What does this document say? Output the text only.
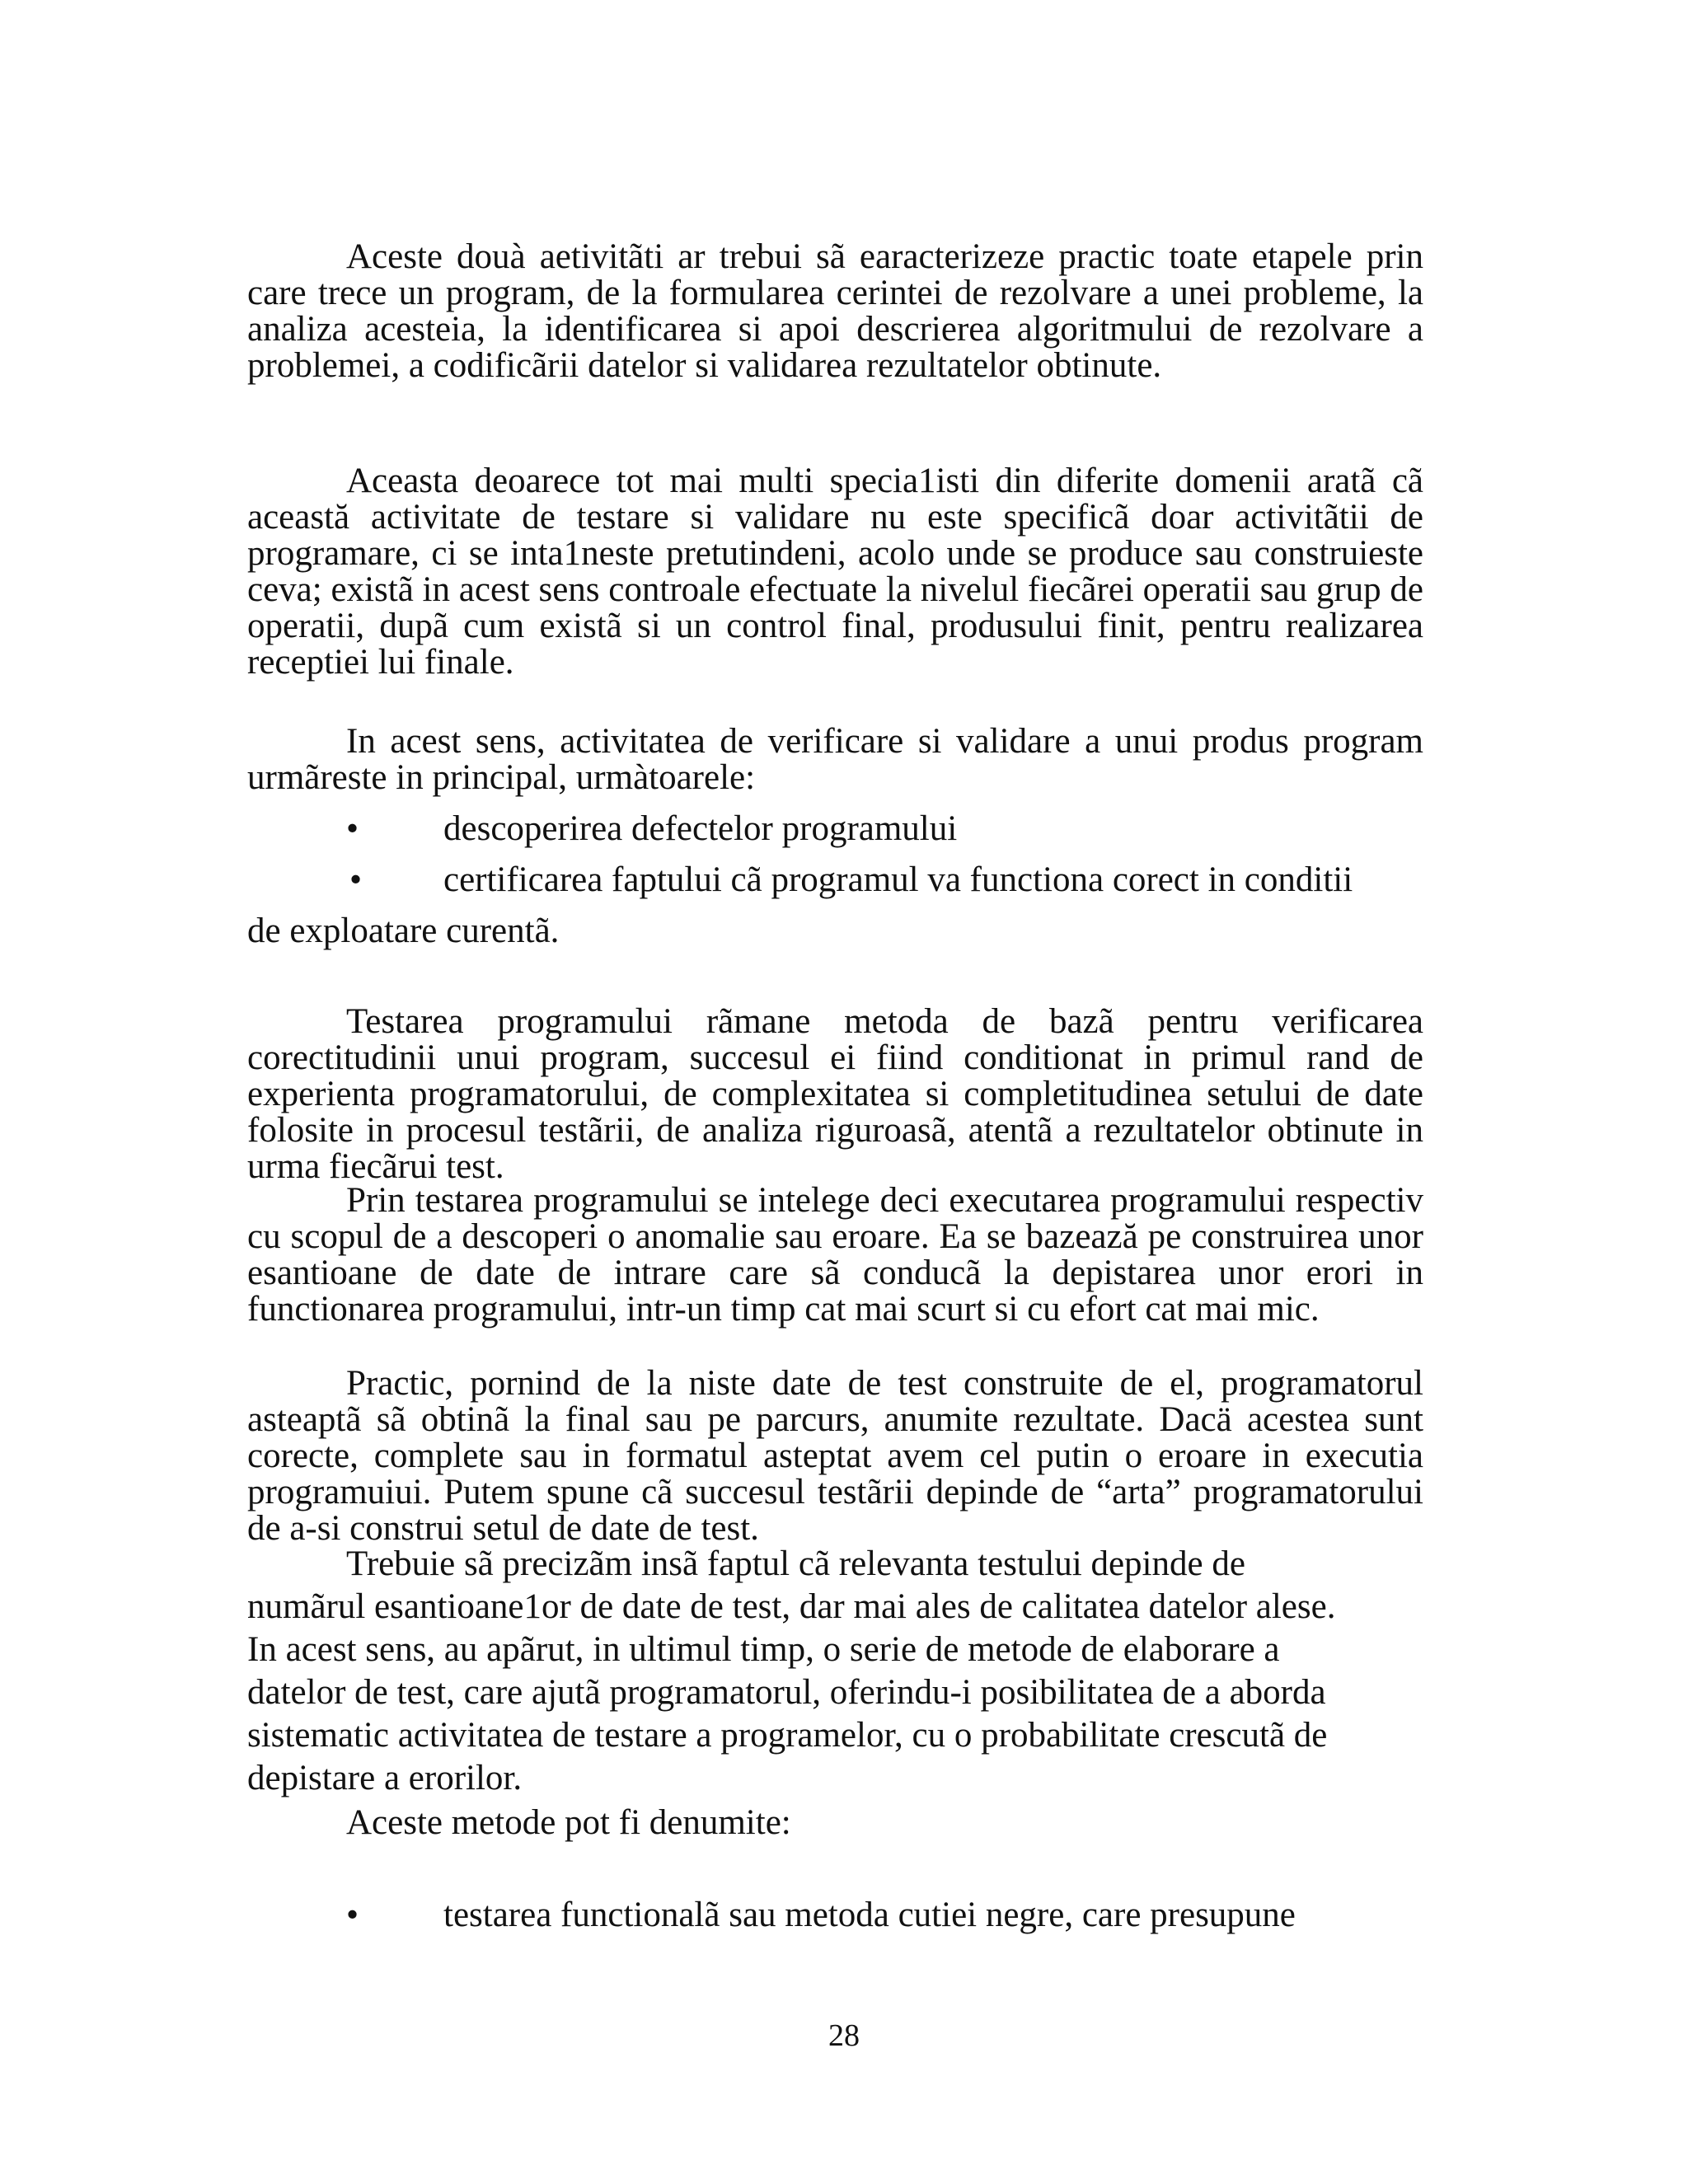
Aceste douà aetivitãti ar trebui sã earacterizeze practic toate etapele prin care trece un program, de la formularea cerintei de rezolvare a unei probleme, la analiza acesteia, la identificarea si apoi descrierea algoritmului de rezolvare a problemei, a codificãrii datelor si validarea rezultatelor obtinute.

Aceasta deoarece tot mai multi specia1isti din diferite domenii aratã cã această activitate de testare si validare nu este specificã doar activitãtii de programare, ci se inta1neste pretutindeni, acolo unde se produce sau construieste ceva; existã in acest sens controale efectuate la nivelul fiecãrei operatii sau grup de operatii, dupã cum existã si un control final, produsului finit, pentru realizarea receptiei lui finale.

In acest sens, activitatea de verificare si validare a unui produs program urmãreste in principal, urmàtoarele:

• descoperirea defectelor programului
• certificarea faptului cã programul va functiona corect in conditii
de exploatare curentã.

Testarea programului rãmane metoda de bazã pentru verificarea corectitudinii unui program, succesul ei fiind conditionat in primul rand de experienta programatorului, de complexitatea si completitudinea setului de date folosite in procesul testãrii, de analiza riguroasã, atentã a rezultatelor obtinute in urma fiecãrui test.

Prin testarea programului se intelege deci executarea programului respectiv cu scopul de a descoperi o anomalie sau eroare. Ea se bazează pe construirea unor esantioane de date de intrare care sã conducã la depistarea unor erori in functionarea programului, intr-un timp cat mai scurt si cu efort cat mai mic.

Practic, pornind de la niste date de test construite de el, programatorul asteaptã sã obtinã la final sau pe parcurs, anumite rezultate. Dacä acestea sunt corecte, complete sau in formatul asteptat avem cel putin o eroare in executia programuiui. Putem spune cã succesul testãrii depinde de “arta” programatorului de a-si construi setul de date de test.

Trebuie sã precizãm insã faptul cã relevanta testului depinde de
numãrul esantioane1or de date de test, dar mai ales de calitatea datelor alese.
In acest sens, au apãrut, in ultimul timp, o serie de metode de elaborare a
datelor de test, care ajutã programatorul, oferindu-i posibilitatea de a aborda
sistematic activitatea de testare a programelor, cu o probabilitate crescutã de
depistare a erorilor.
Aceste metode pot fi denumite:
• testarea functionalã sau metoda cutiei negre, care presupune
28
